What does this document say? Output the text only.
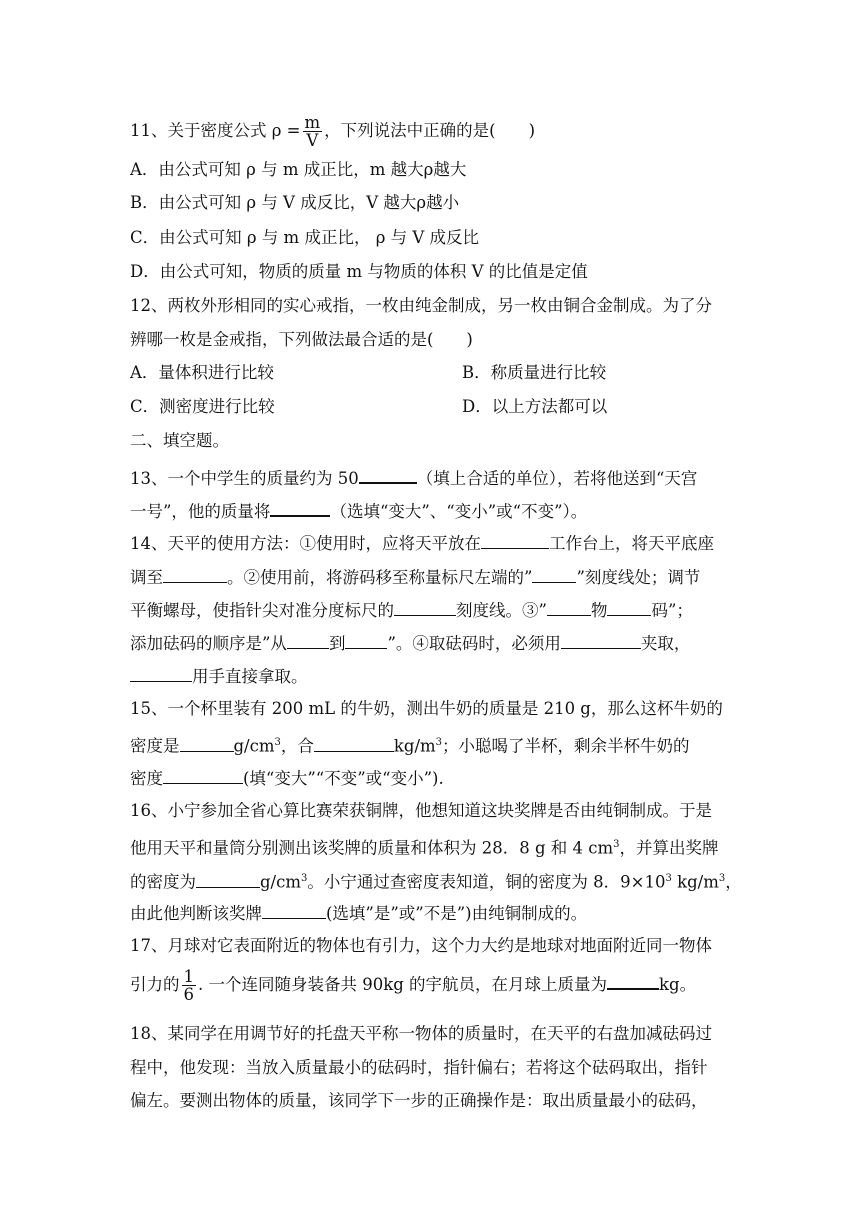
11、关于密度公式 $\rho = \frac{m}{V}$ ，下列说法中正确的是(　　)
A．由公式可知 ρ 与 m 成正比，m 越大ρ越大
B．由公式可知 ρ 与 V 成反比，V 越大ρ越小
C．由公式可知 ρ 与 m 成正比， ρ 与 V 成反比
D．由公式可知，物质的质量 m 与物质的体积 V 的比值是定值
12、两枚外形相同的实心戒指，一枚由纯金制成，另一枚由铜合金制成。为了分
辨哪一枚是金戒指，下列做法最合适的是(　　)
A．量体积进行比较	B．称质量进行比较
C．测密度进行比较	D．以上方法都可以
二、填空题。
13、一个中学生的质量约为 50	（填上合适的单位），若将他送到“天宫
一号”，他的质量将	（选填“变大”、“变小”或“不变”）。
14、天平的使用方法：①使用时，应将天平放在	工作台上，将天平底座
调至	。②使用前，将游码移至称量标尺左端的”	”刻度线处；调节
平衡螺母，使指针尖对准分度标尺的	刻度线。③”	物	码”；
添加砝码的顺序是”从	到	”。④取砝码时，必须用	夹取，
用手直接拿取。
15、一个杯里装有 200 mL 的牛奶，测出牛奶的质量是 210 g，那么这杯牛奶的
密度是	$g/cm^3$，合	$kg/m^3$；小聪喝了半杯，剩余半杯牛奶的
密度	(填“变大”“不变”或“变小”).
16、小宁参加全省心算比赛荣获铜牌，他想知道这块奖牌是否由纯铜制成。于是
他用天平和量筒分别测出该奖牌的质量和体积为 28．8 g 和 4 $cm^3$，并算出奖牌
的密度为	$g/cm^3$。小宁通过查密度表知道，铜的密度为 8．$9\times 10^3$ $kg/m^3$，
由此他判断该奖牌	(选填”是”或”不是”)由纯铜制成的。
17、月球对它表面附近的物体也有引力，这个力大约是地球对地面附近同一物体
引力的 $\frac{1}{6}$ . 一个连同随身装备共 90kg 的宇航员，在月球上质量为	kg。
18、某同学在用调节好的托盘天平称一物体的质量时，在天平的右盘加减砝码过
程中，他发现：当放入质量最小的砝码时，指针偏右；若将这个砝码取出，指针
偏左。要测出物体的质量，该同学下一步的正确操作是：取出质量最小的砝码，
